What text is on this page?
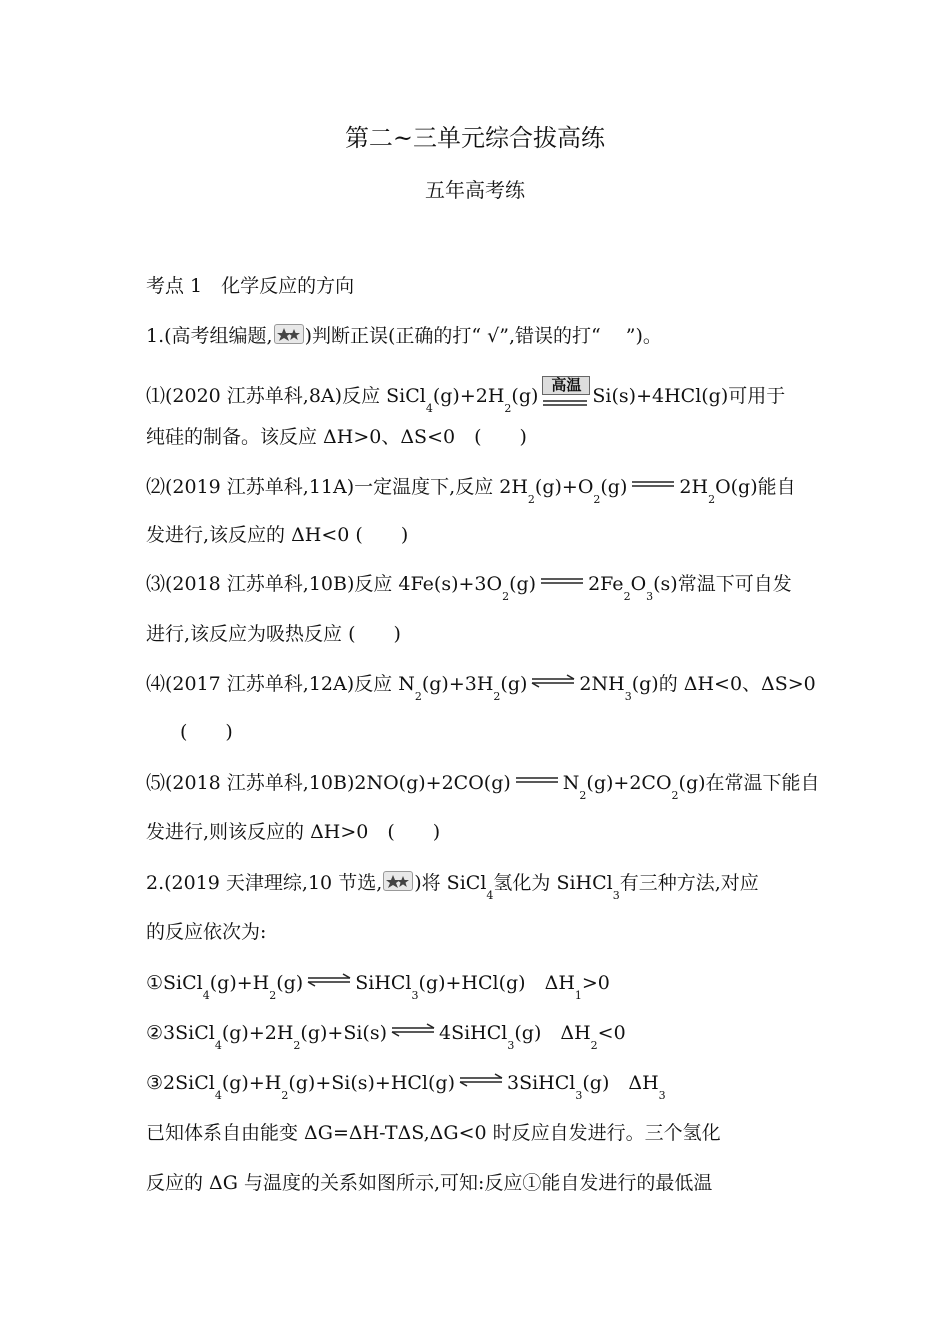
第二~三单元综合拔高练
五年高考练
考点 1　化学反应的方向
1.(高考组编题, )判断正误(正确的打“ √”,错误的打“　 ”)。
⑴(2020 江苏单科,8A)反应 $SiCl_4(g)+2H_2(g)$ 高温 Si(s)+4HCl(g)可用于
纯硅的制备。该反应 ΔH>0、ΔS<0　(　　)
⑵(2019 江苏单科,11A)一定温度下,反应 $2H_2(g)+O_2(g)$	$2H_2O(g)$能自
发进行,该反应的 ΔH<0 (　　)
⑶(2018 江苏单科,10B)反应 $4Fe(s)+3O_2(g)$	$2Fe_2O_3(s)$常温下可自发
进行,该反应为吸热反应 (　　)
⑷(2017 江苏单科,12A)反应 $N_2(g)+3H_2(g)$ ⇌ $2NH_3(g)$的 ΔH<0、ΔS>0
(　　)
⑸(2018 江苏单科,10B)2NO(g)+2CO(g)	$N_2(g)+2CO_2(g)$在常温下能自
发进行,则该反应的 ΔH>0　(　　)
2.(2019 天津理综,10 节选, )将 SiCl$_4$氢化为 SiHCl$_3$有三种方法,对应
的反应依次为:
$①SiCl_4(g)+H_2(g)$ ⇌ SiHCl$_3$(g)+HCl(g)　$\Delta H_1>0$
$②3SiCl_4(g)+2H_2(g)+Si(s)$ ⇌ 4SiHCl$_3$(g)　$\Delta H_2<0$
$③2SiCl_4(g)+H_2(g)+Si(s)+HCl(g)$ ⇌ 3SiHCl$_3$(g)　$\Delta H_3$
已知体系自由能变 ΔG=ΔH-TΔS,ΔG<0 时反应自发进行。三个氢化
反应的 ΔG 与温度的关系如图所示,可知:反应①能自发进行的最低温
